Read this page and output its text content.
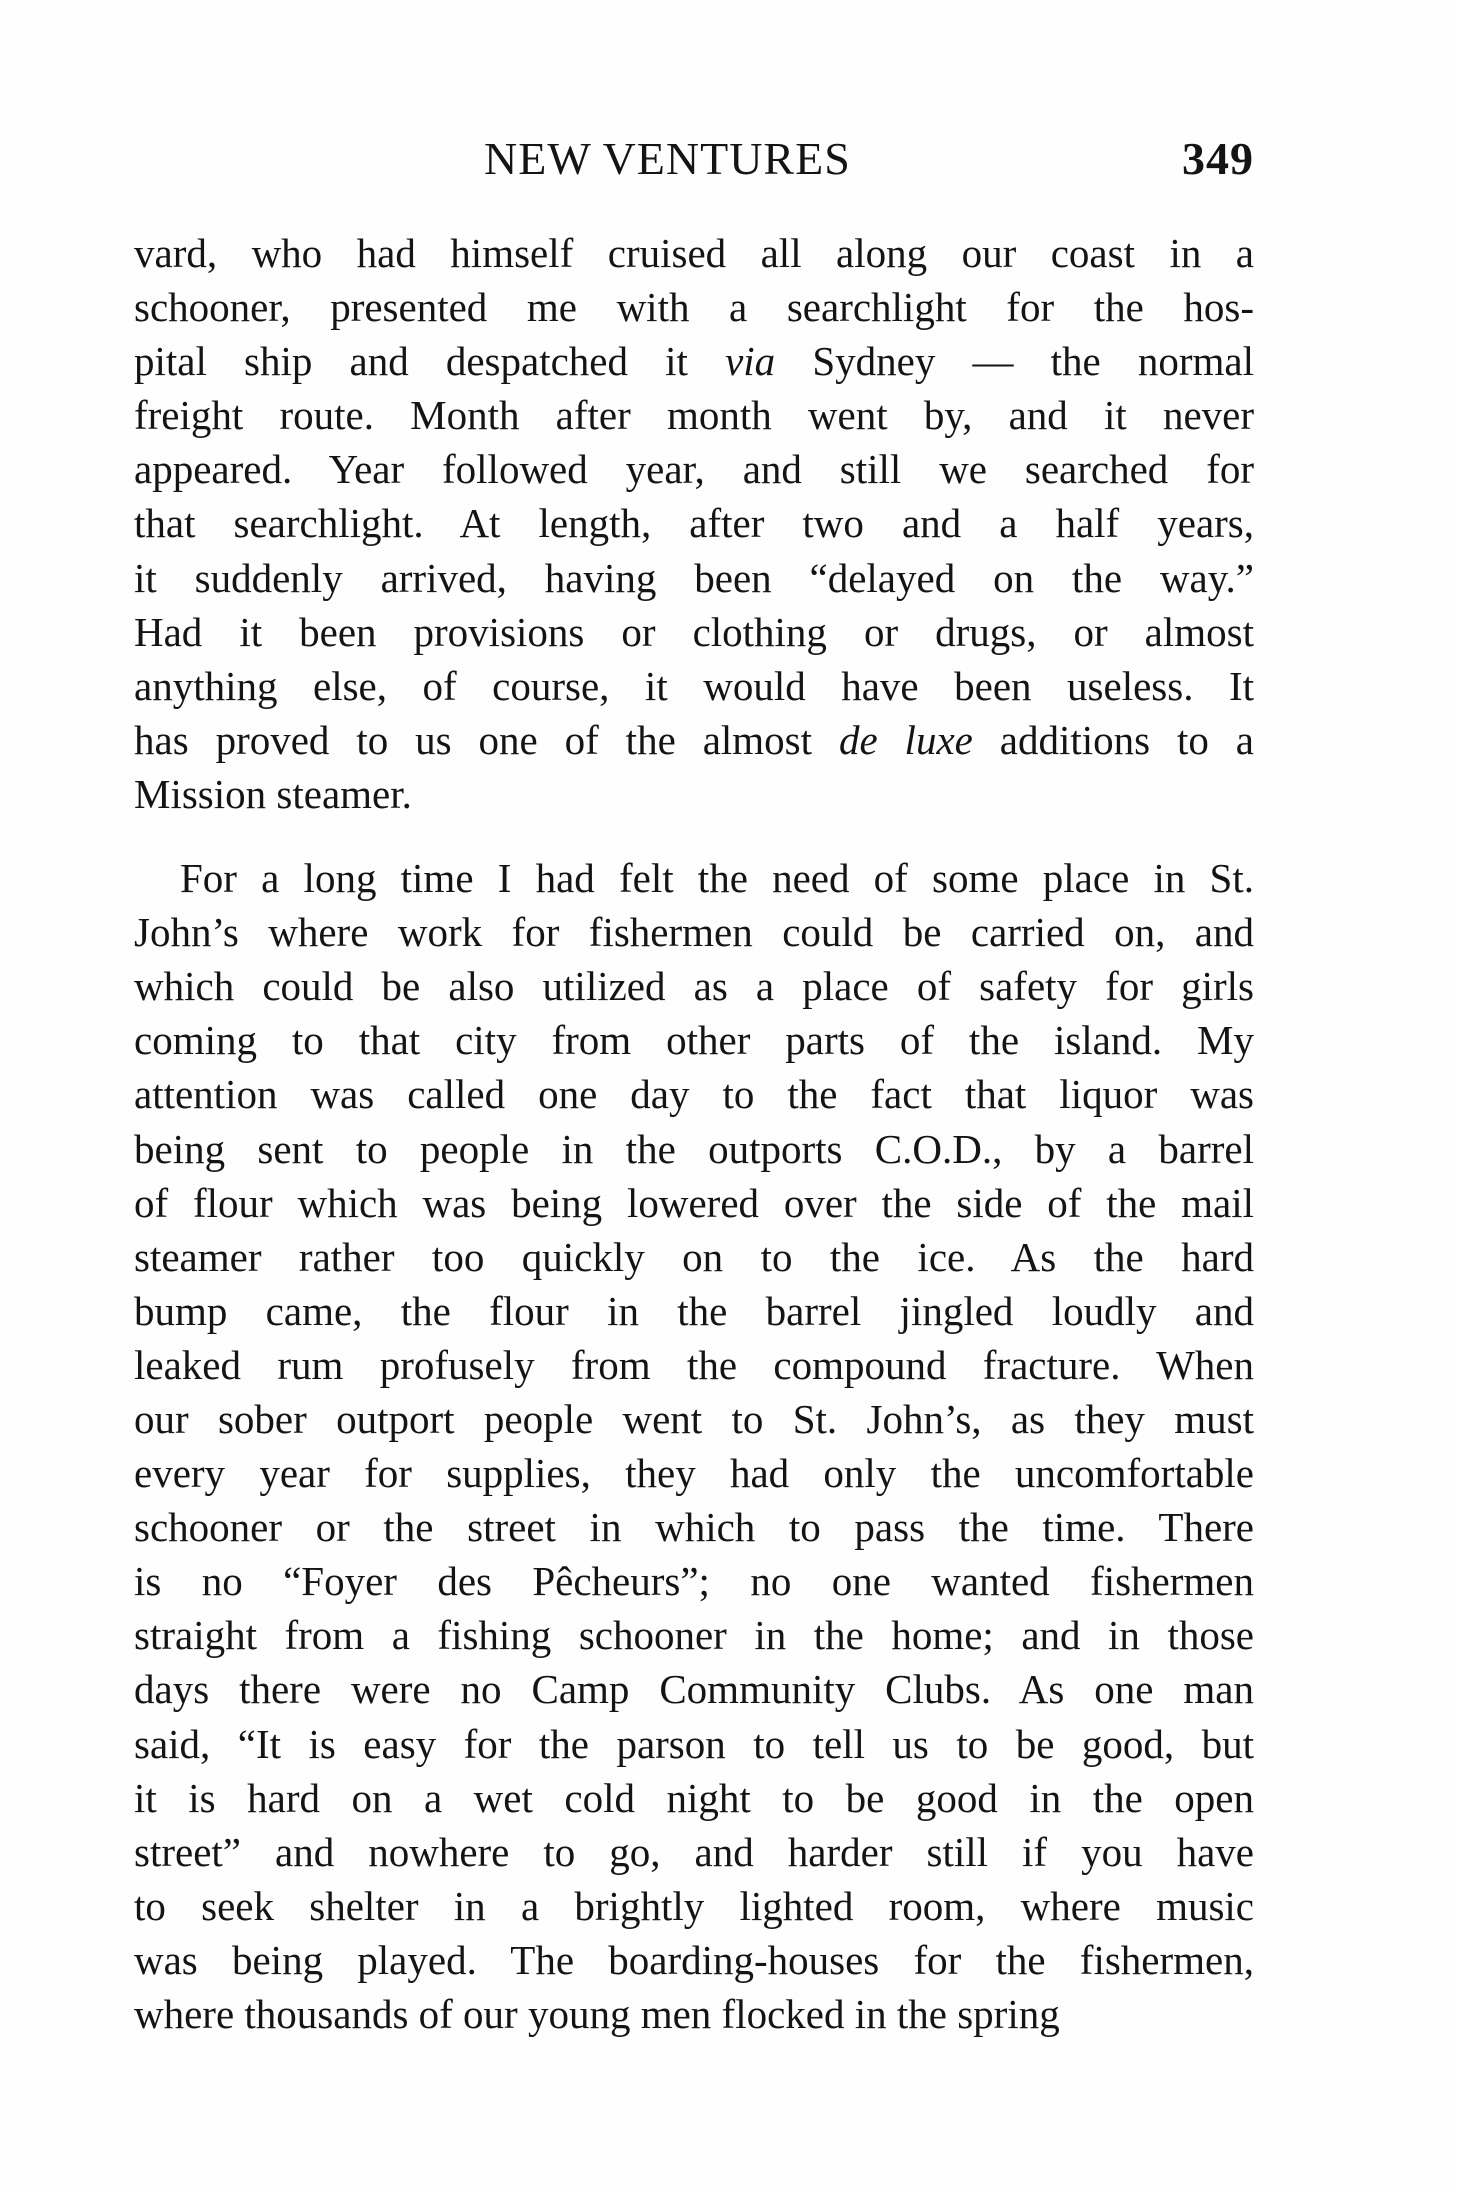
NEW VENTURES	349

vard, who had himself cruised all along our coast in a
schooner, presented me with a searchlight for the hos-
pital ship and despatched it via Sydney — the normal
freight route. Month after month went by, and it never
appeared. Year followed year, and still we searched for
that searchlight. At length, after two and a half years,
it suddenly arrived, having been “delayed on the way.”
Had it been provisions or clothing or drugs, or almost
anything else, of course, it would have been useless. It
has proved to us one of the almost de luxe additions to a
Mission steamer.

For a long time I had felt the need of some place in St.
John’s where work for fishermen could be carried on, and
which could be also utilized as a place of safety for girls
coming to that city from other parts of the island. My
attention was called one day to the fact that liquor was
being sent to people in the outports C.O.D., by a barrel
of flour which was being lowered over the side of the mail
steamer rather too quickly on to the ice. As the hard
bump came, the flour in the barrel jingled loudly and
leaked rum profusely from the compound fracture. When
our sober outport people went to St. John’s, as they must
every year for supplies, they had only the uncomfortable
schooner or the street in which to pass the time. There
is no “Foyer des Pêcheurs”; no one wanted fishermen
straight from a fishing schooner in the home; and in those
days there were no Camp Community Clubs. As one man
said, “It is easy for the parson to tell us to be good, but
it is hard on a wet cold night to be good in the open
street” and nowhere to go, and harder still if you have
to seek shelter in a brightly lighted room, where music
was being played. The boarding-houses for the fishermen,
where thousands of our young men flocked in the spring
